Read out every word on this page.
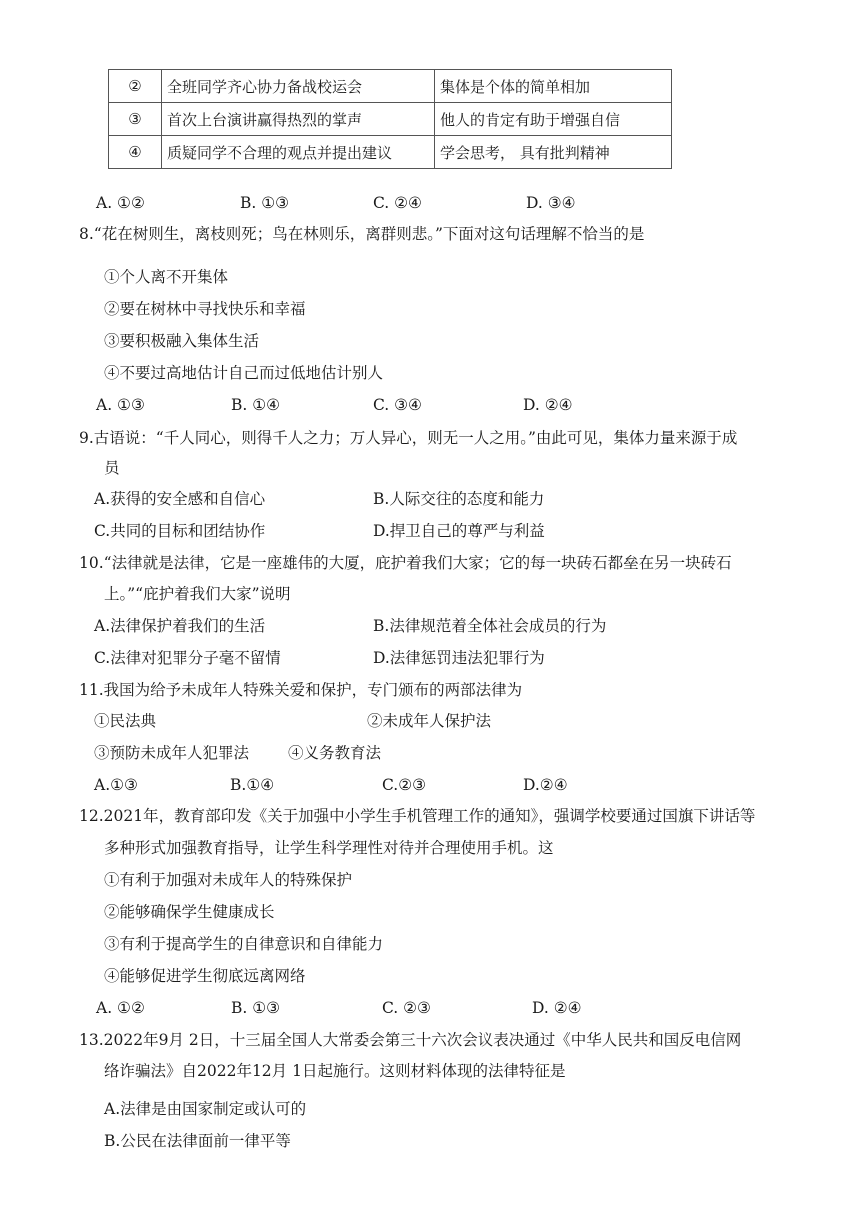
②	全班同学齐心协力备战校运会	集体是个体的简单相加
③	首次上台演讲赢得热烈的掌声	他人的肯定有助于增强自信
④	质疑同学不合理的观点并提出建议	学会思考， 具有批判精神
A. ①②	B. ①③	C. ②④	D. ③④
8.“花在树则生，离枝则死；鸟在林则乐，离群则悲。”下面对这句话理解不恰当的是
①个人离不开集体
②要在树林中寻找快乐和幸福
③要积极融入集体生活
④不要过高地估计自己而过低地估计别人
A. ①③	B. ①④	C. ③④	D. ②④
9.古语说：“千人同心，则得千人之力；万人异心，则无一人之用。”由此可见，集体力量来源于成
员
A.获得的安全感和自信心	B.人际交往的态度和能力
C.共同的目标和团结协作	D.捍卫自己的尊严与利益
10.“法律就是法律，它是一座雄伟的大厦，庇护着我们大家；它的每一块砖石都垒在另一块砖石
上。”“庇护着我们大家”说明
A.法律保护着我们的生活	B.法律规范着全体社会成员的行为
C.法律对犯罪分子毫不留情	D.法律惩罚违法犯罪行为
11.我国为给予未成年人特殊关爱和保护，专门颁布的两部法律为
①民法典	②未成年人保护法
③预防未成年人犯罪法	④义务教育法
A.①③	B.①④	C.②③	D.②④
12.2021年，教育部印发《关于加强中小学生手机管理工作的通知》，强调学校要通过国旗下讲话等
多种形式加强教育指导，让学生科学理性对待并合理使用手机。这
①有利于加强对未成年人的特殊保护
②能够确保学生健康成长
③有利于提高学生的自律意识和自律能力
④能够促进学生彻底远离网络
A. ①②	B. ①③	C. ②③	D. ②④
13.2022年9月 2日，十三届全国人大常委会第三十六次会议表决通过《中华人民共和国反电信网
络诈骗法》自2022年12月 1日起施行。这则材料体现的法律特征是
A.法律是由国家制定或认可的
B.公民在法律面前一律平等
